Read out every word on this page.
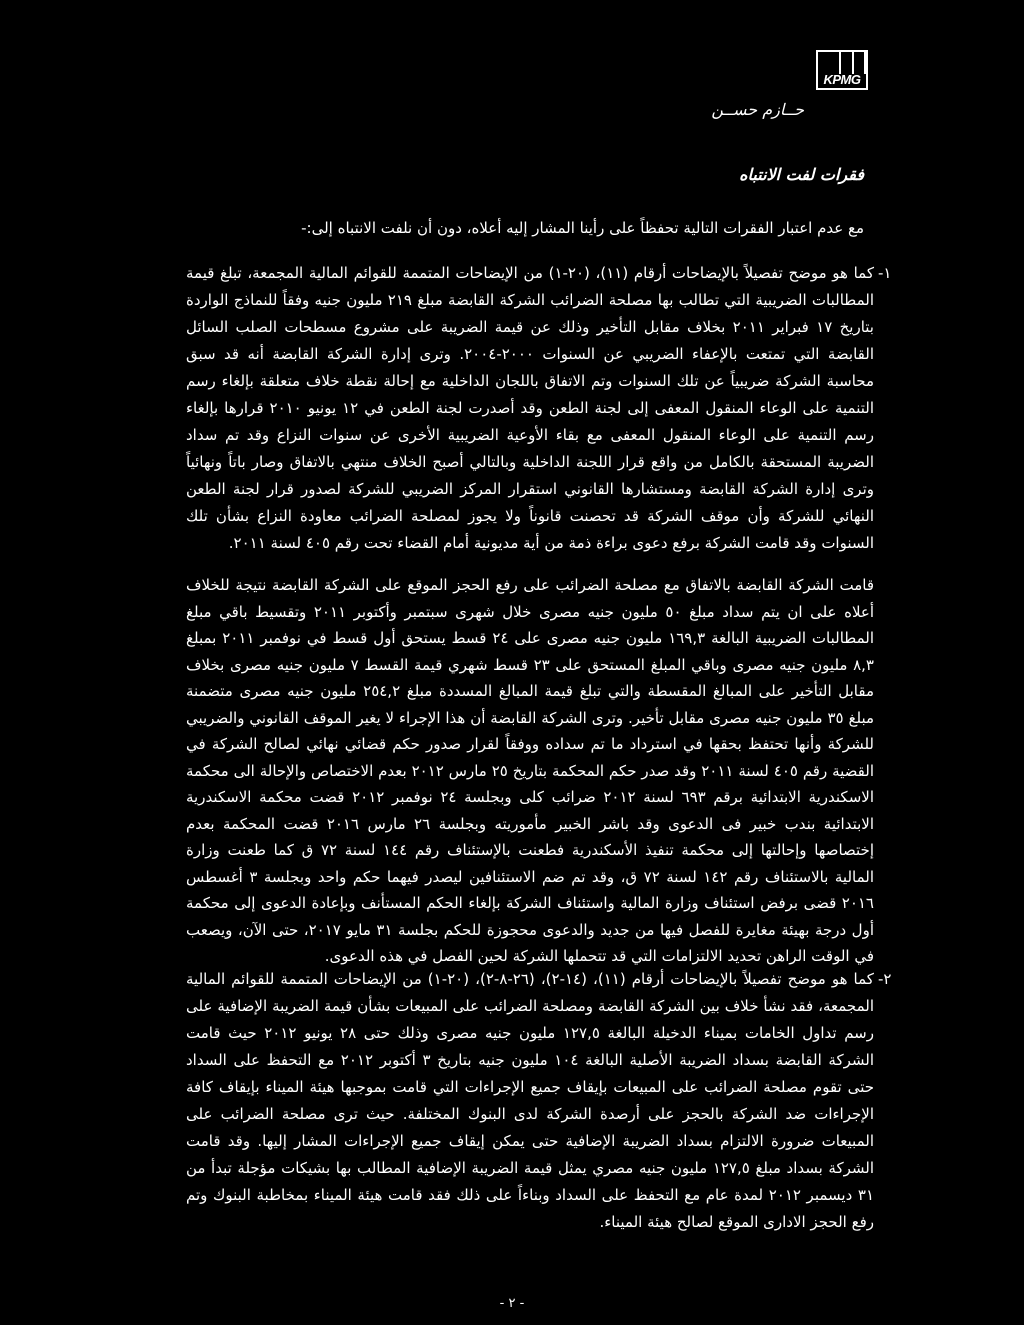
KPMG
حــازم حســن
فقرات لفت الانتباه
مع عدم اعتبار الفقرات التالية تحفظاً على رأينا المشار إليه أعلاه، دون أن نلفت الانتباه إلى:-
١-

كما هو موضح تفصيلاً بالإيضاحات أرقام (١١)، (٢٠-١) من الإيضاحات المتممة للقوائم المالية المجمعة، تبلغ قيمة المطالبات الضريبية التي تطالب بها مصلحة الضرائب الشركة القابضة مبلغ ٢١٩ مليون جنيه وفقاً للنماذج الواردة بتاريخ ١٧ فبراير ٢٠١١ بخلاف مقابل التأخير وذلك عن قيمة الضريبة على مشروع مسطحات الصلب السائل القابضة التي تمتعت بالإعفاء الضريبي عن السنوات ٢٠٠٠-٢٠٠٤. وترى إدارة الشركة القابضة أنه قد سبق محاسبة الشركة ضريبياً عن تلك السنوات وتم الاتفاق باللجان الداخلية مع إحالة نقطة خلاف متعلقة بإلغاء رسم التنمية على الوعاء المنقول المعفى إلى لجنة الطعن وقد أصدرت لجنة الطعن في ١٢ يونيو ٢٠١٠ قرارها بإلغاء رسم التنمية على الوعاء المنقول المعفى مع بقاء الأوعية الضريبية الأخرى عن سنوات النزاع وقد تم سداد الضريبة المستحقة بالكامل من واقع قرار اللجنة الداخلية وبالتالي أصبح الخلاف منتهي بالاتفاق وصار باتاً ونهائياً وترى إدارة الشركة القابضة ومستشارها القانوني استقرار المركز الضريبي للشركة لصدور قرار لجنة الطعن النهائي للشركة وأن موقف الشركة قد تحصنت قانوناً ولا يجوز لمصلحة الضرائب معاودة النزاع بشأن تلك السنوات وقد قامت الشركة برفع دعوى براءة ذمة من أية مديونية أمام القضاء تحت رقم ٤٠٥ لسنة ٢٠١١.

قامت الشركة القابضة بالاتفاق مع مصلحة الضرائب على رفع الحجز الموقع على الشركة القابضة نتيجة للخلاف أعلاه على ان يتم سداد مبلغ ٥٠ مليون جنيه مصرى خلال شهرى سبتمبر وأكتوبر ٢٠١١ وتقسيط باقي مبلغ المطالبات الضريبية البالغة ١٦٩,٣ مليون جنيه مصرى على ٢٤ قسط يستحق أول قسط في نوفمبر ٢٠١١ بمبلغ ٨,٣ مليون جنيه مصرى وباقي المبلغ المستحق على ٢٣ قسط شهري قيمة القسط ٧ مليون جنيه مصرى بخلاف مقابل التأخير على المبالغ المقسطة والتي تبلغ قيمة المبالغ المسددة مبلغ ٢٥٤,٢ مليون جنيه مصرى متضمنة مبلغ ٣٥ مليون جنيه مصرى مقابل تأخير. وترى الشركة القابضة أن هذا الإجراء لا يغير الموقف القانوني والضريبي للشركة وأنها تحتفظ بحقها في استرداد ما تم سداده ووفقاً لقرار صدور حكم قضائي نهائي لصالح الشركة في القضية رقم ٤٠٥ لسنة ٢٠١١ وقد صدر حكم المحكمة بتاريخ ٢٥ مارس ٢٠١٢ بعدم الاختصاص والإحالة الى محكمة الاسكندرية الابتدائية برقم ٦٩٣ لسنة ٢٠١٢ ضرائب كلى وبجلسة ٢٤ نوفمبر ٢٠١٢ قضت محكمة الاسكندرية الابتدائية بندب خبير فى الدعوى وقد باشر الخبير مأموريته وبجلسة ٢٦ مارس ٢٠١٦ قضت المحكمة بعدم إختصاصها وإحالتها إلى محكمة تنفيذ الأسكندرية فطعنت بالإستئناف رقم ١٤٤ لسنة ٧٢ ق كما طعنت وزارة المالية بالاستئناف رقم ١٤٢ لسنة ٧٢ ق، وقد تم ضم الاستئنافين ليصدر فيهما حكم واحد وبجلسة ٣ أغسطس ٢٠١٦ قضى برفض استئناف وزارة المالية واستئناف الشركة بإلغاء الحكم المستأنف وبإعادة الدعوى إلى محكمة أول درجة بهيئة مغايرة للفصل فيها من جديد والدعوى محجوزة للحكم بجلسة ٣١ مايو ٢٠١٧، حتى الآن، ويصعب في الوقت الراهن تحديد الالتزامات التي قد تتحملها الشركة لحين الفصل في هذه الدعوى.

٢-

كما هو موضح تفصيلاً بالإيضاحات أرقام (١١)، (١٤-٢)، (٢٦-٨-٢)، (٢٠-١) من الإيضاحات المتممة للقوائم المالية المجمعة، فقد نشأ خلاف بين الشركة القابضة ومصلحة الضرائب على المبيعات بشأن قيمة الضريبة الإضافية على رسم تداول الخامات بميناء الدخيلة البالغة ١٢٧,٥ مليون جنيه مصرى وذلك حتى ٢٨ يونيو ٢٠١٢ حيث قامت الشركة القابضة بسداد الضريبة الأصلية البالغة ١٠٤ مليون جنيه بتاريخ ٣ أكتوبر ٢٠١٢ مع التحفظ على السداد حتى تقوم مصلحة الضرائب على المبيعات بإيقاف جميع الإجراءات التي قامت بموجبها هيئة الميناء بإيقاف كافة الإجراءات ضد الشركة بالحجز على أرصدة الشركة لدى البنوك المختلفة. حيث ترى مصلحة الضرائب على المبيعات ضرورة الالتزام بسداد الضريبة الإضافية حتى يمكن إيقاف جميع الإجراءات المشار إليها. وقد قامت الشركة بسداد مبلغ ١٢٧,٥ مليون جنيه مصري يمثل قيمة الضريبة الإضافية المطالب بها بشيكات مؤجلة تبدأ من ٣١ ديسمبر ٢٠١٢ لمدة عام مع التحفظ على السداد وبناءاً على ذلك فقد قامت هيئة الميناء بمخاطبة البنوك وتم رفع الحجز الادارى الموقع لصالح هيئة الميناء.

- ٢ -
